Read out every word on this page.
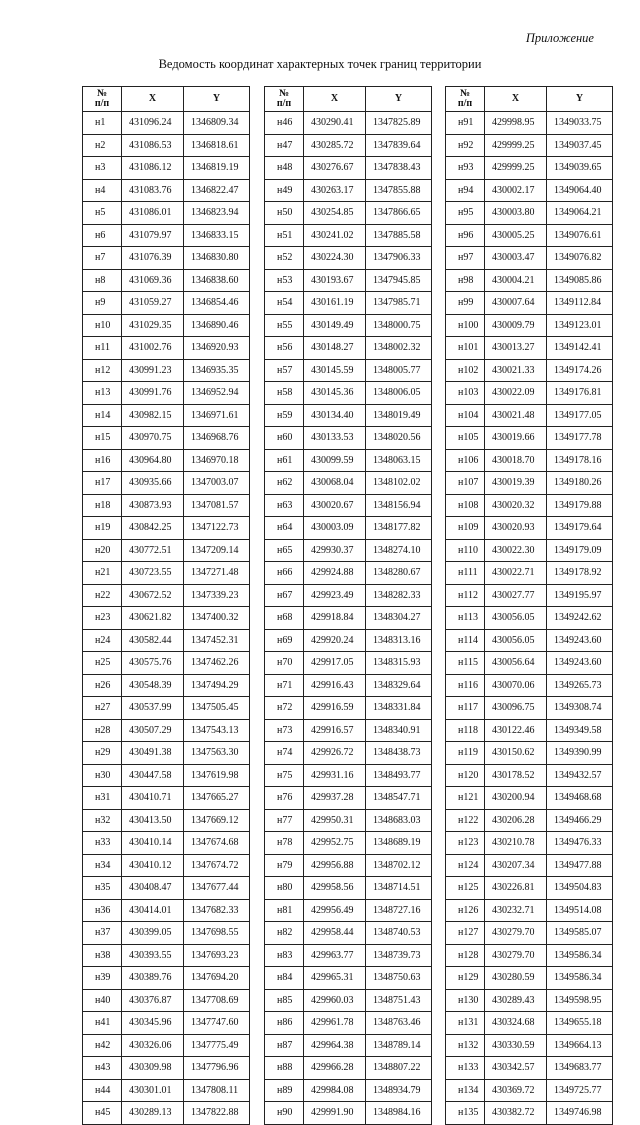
Приложение
Ведомость координат характерных точек границ территории
№
п/п	X	Y
н1	431096.24	1346809.34
н2	431086.53	1346818.61
н3	431086.12	1346819.19
н4	431083.76	1346822.47
н5	431086.01	1346823.94
н6	431079.97	1346833.15
н7	431076.39	1346830.80
н8	431069.36	1346838.60
н9	431059.27	1346854.46
н10	431029.35	1346890.46
н11	431002.76	1346920.93
н12	430991.23	1346935.35
н13	430991.76	1346952.94
н14	430982.15	1346971.61
н15	430970.75	1346968.76
н16	430964.80	1346970.18
н17	430935.66	1347003.07
н18	430873.93	1347081.57
н19	430842.25	1347122.73
н20	430772.51	1347209.14
н21	430723.55	1347271.48
н22	430672.52	1347339.23
н23	430621.82	1347400.32
н24	430582.44	1347452.31
н25	430575.76	1347462.26
н26	430548.39	1347494.29
н27	430537.99	1347505.45
н28	430507.29	1347543.13
н29	430491.38	1347563.30
н30	430447.58	1347619.98
н31	430410.71	1347665.27
н32	430413.50	1347669.12
н33	430410.14	1347674.68
н34	430410.12	1347674.72
н35	430408.47	1347677.44
н36	430414.01	1347682.33
н37	430399.05	1347698.55
н38	430393.55	1347693.23
н39	430389.76	1347694.20
н40	430376.87	1347708.69
н41	430345.96	1347747.60
н42	430326.06	1347775.49
н43	430309.98	1347796.96
н44	430301.01	1347808.11
н45	430289.13	1347822.88
№
п/п	X	Y
н46	430290.41	1347825.89
н47	430285.72	1347839.64
н48	430276.67	1347838.43
н49	430263.17	1347855.88
н50	430254.85	1347866.65
н51	430241.02	1347885.58
н52	430224.30	1347906.33
н53	430193.67	1347945.85
н54	430161.19	1347985.71
н55	430149.49	1348000.75
н56	430148.27	1348002.32
н57	430145.59	1348005.77
н58	430145.36	1348006.05
н59	430134.40	1348019.49
н60	430133.53	1348020.56
н61	430099.59	1348063.15
н62	430068.04	1348102.02
н63	430020.67	1348156.94
н64	430003.09	1348177.82
н65	429930.37	1348274.10
н66	429924.88	1348280.67
н67	429923.49	1348282.33
н68	429918.84	1348304.27
н69	429920.24	1348313.16
н70	429917.05	1348315.93
н71	429916.43	1348329.64
н72	429916.59	1348331.84
н73	429916.57	1348340.91
н74	429926.72	1348438.73
н75	429931.16	1348493.77
н76	429937.28	1348547.71
н77	429950.31	1348683.03
н78	429952.75	1348689.19
н79	429956.88	1348702.12
н80	429958.56	1348714.51
н81	429956.49	1348727.16
н82	429958.44	1348740.53
н83	429963.77	1348739.73
н84	429965.31	1348750.63
н85	429960.03	1348751.43
н86	429961.78	1348763.46
н87	429964.38	1348789.14
н88	429966.28	1348807.22
н89	429984.08	1348934.79
н90	429991.90	1348984.16
№
п/п	X	Y
н91	429998.95	1349033.75
н92	429999.25	1349037.45
н93	429999.25	1349039.65
н94	430002.17	1349064.40
н95	430003.80	1349064.21
н96	430005.25	1349076.61
н97	430003.47	1349076.82
н98	430004.21	1349085.86
н99	430007.64	1349112.84
н100	430009.79	1349123.01
н101	430013.27	1349142.41
н102	430021.33	1349174.26
н103	430022.09	1349176.81
н104	430021.48	1349177.05
н105	430019.66	1349177.78
н106	430018.70	1349178.16
н107	430019.39	1349180.26
н108	430020.32	1349179.88
н109	430020.93	1349179.64
н110	430022.30	1349179.09
н111	430022.71	1349178.92
н112	430027.77	1349195.97
н113	430056.05	1349242.62
н114	430056.05	1349243.60
н115	430056.64	1349243.60
н116	430070.06	1349265.73
н117	430096.75	1349308.74
н118	430122.46	1349349.58
н119	430150.62	1349390.99
н120	430178.52	1349432.57
н121	430200.94	1349468.68
н122	430206.28	1349466.29
н123	430210.78	1349476.33
н124	430207.34	1349477.88
н125	430226.81	1349504.83
н126	430232.71	1349514.08
н127	430279.70	1349585.07
н128	430279.70	1349586.34
н129	430280.59	1349586.34
н130	430289.43	1349598.95
н131	430324.68	1349655.18
н132	430330.59	1349664.13
н133	430342.57	1349683.77
н134	430369.72	1349725.77
н135	430382.72	1349746.98
